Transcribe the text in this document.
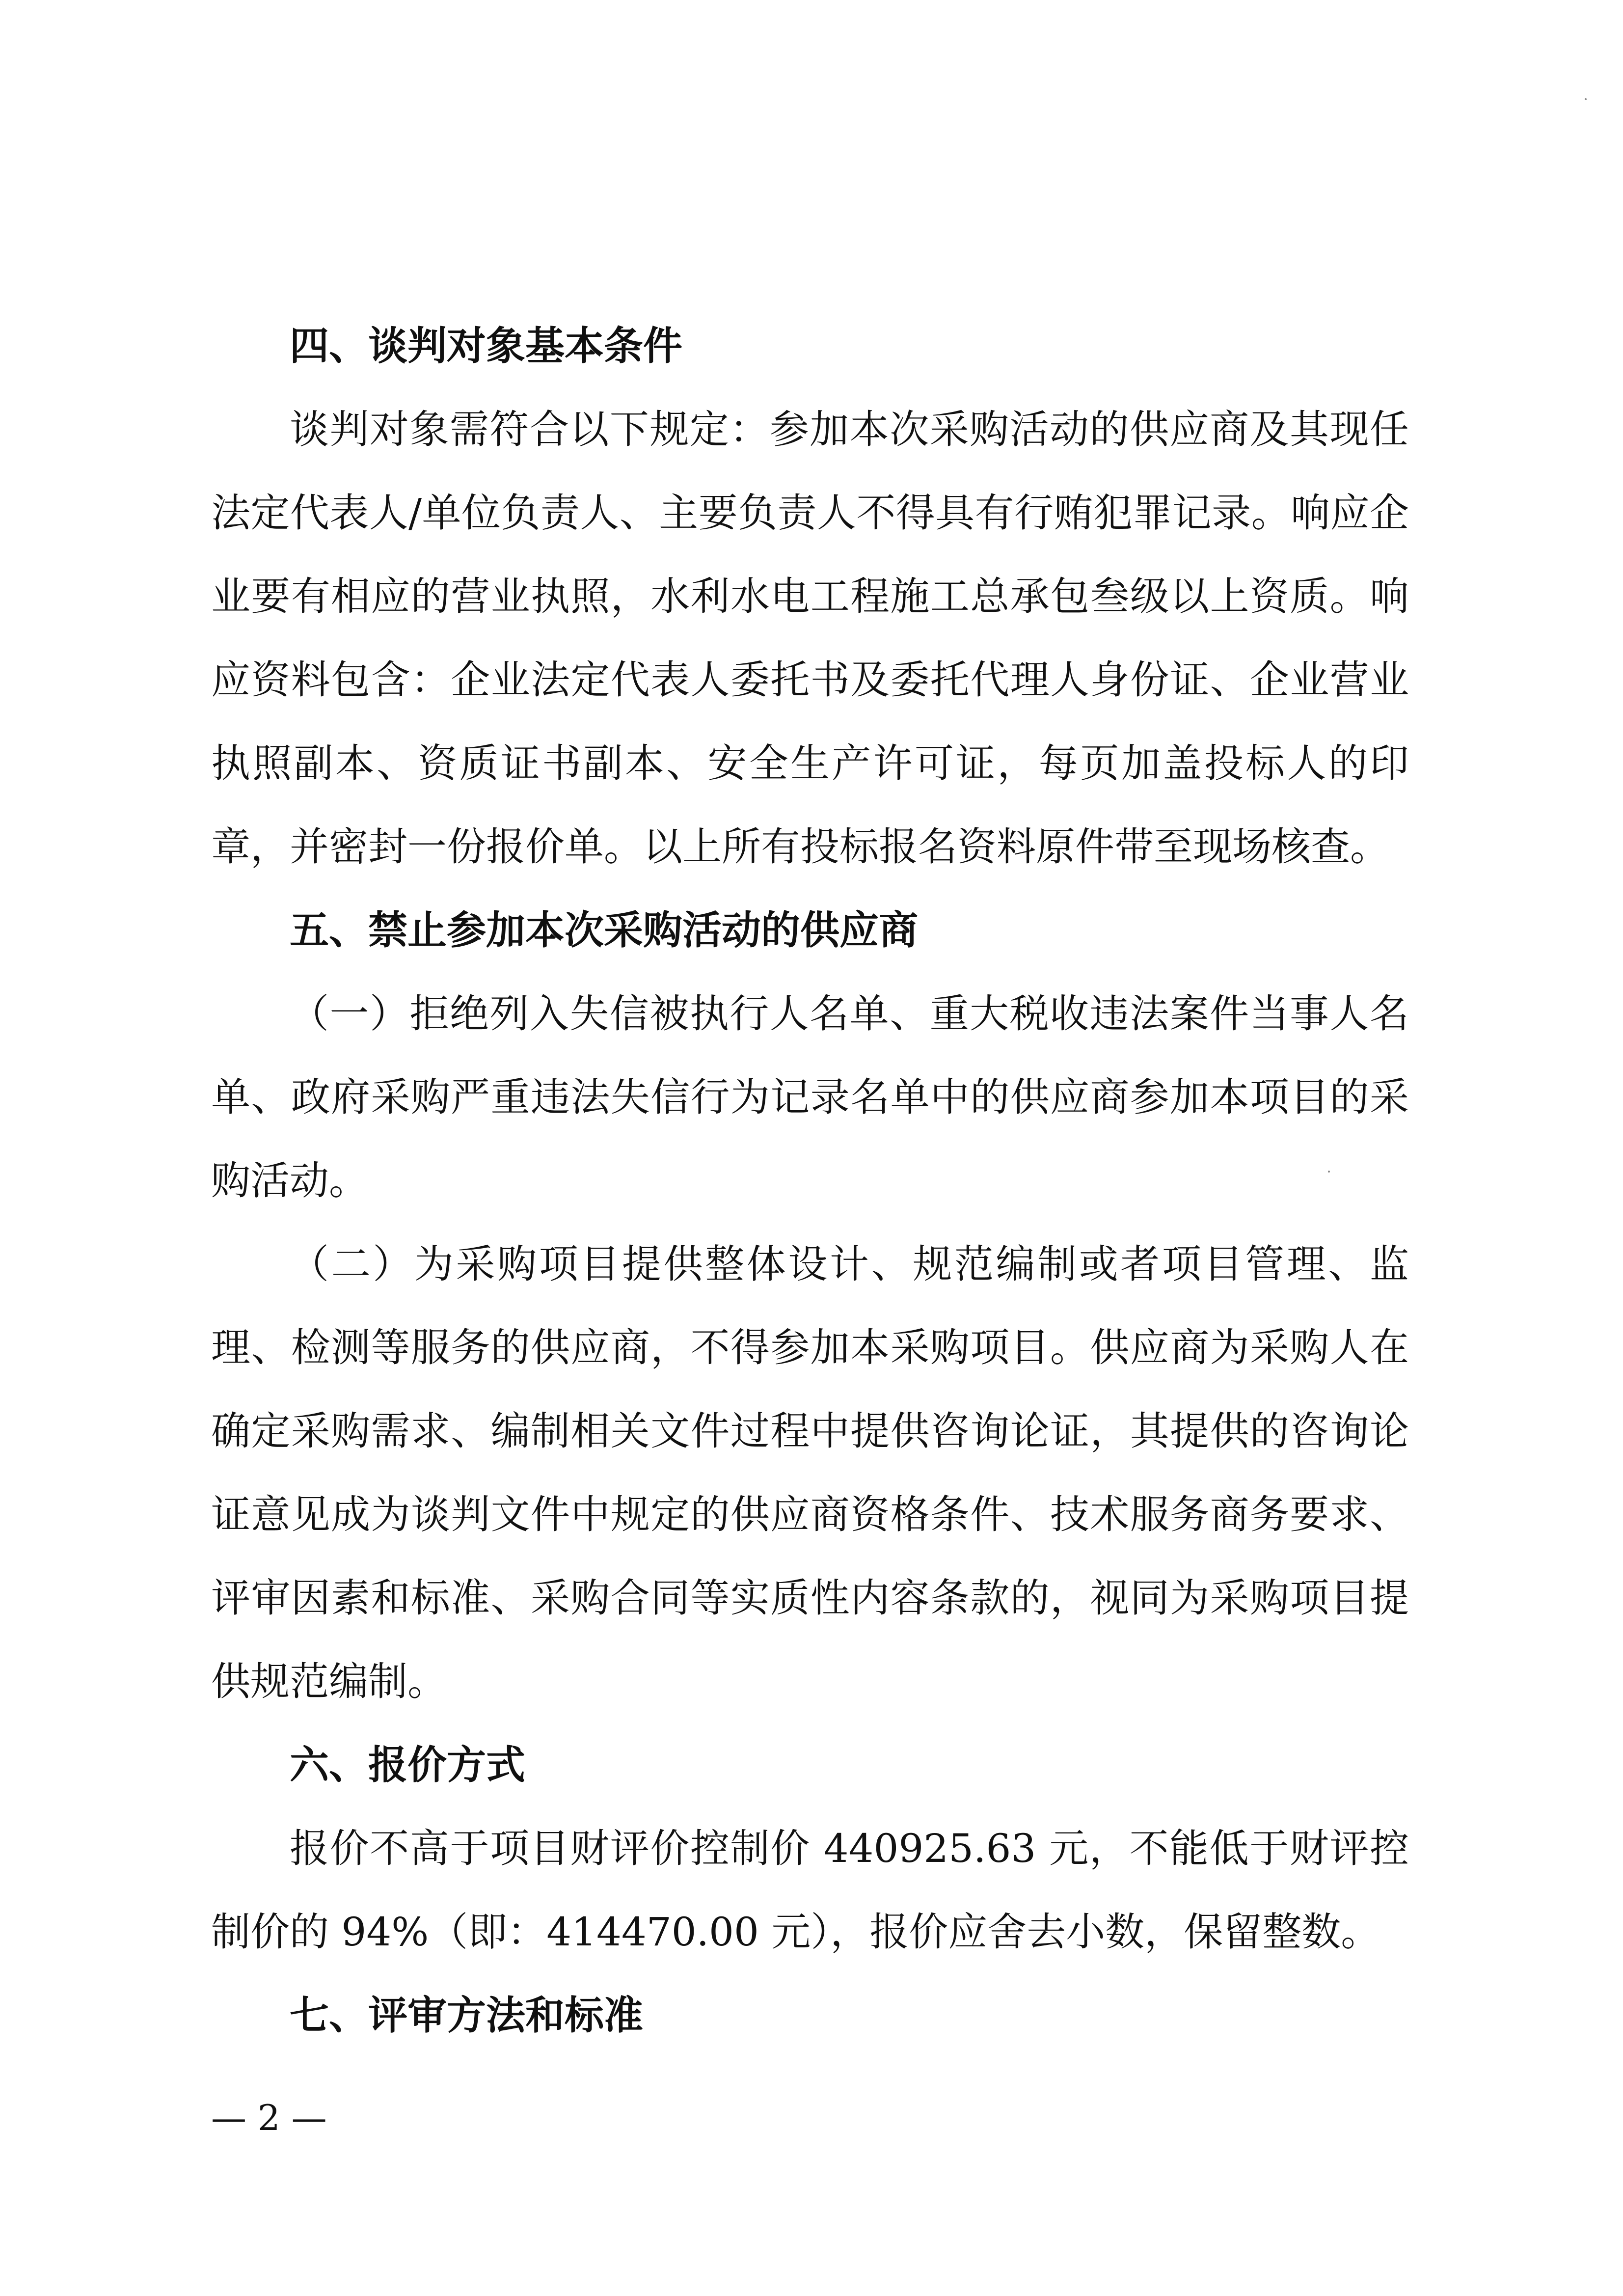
四、谈判对象基本条件
谈判对象需符合以下规定：参加本次采购活动的供应商及其现任法定代表人/单位负责人、主要负责人不得具有行贿犯罪记录。响应企业要有相应的营业执照，水利水电工程施工总承包叁级以上资质。响应资料包含：企业法定代表人委托书及委托代理人身份证、企业营业执照副本、资质证书副本、安全生产许可证，每页加盖投标人的印章，并密封一份报价单。以上所有投标报名资料原件带至现场核查。
五、禁止参加本次采购活动的供应商
（一）拒绝列入失信被执行人名单、重大税收违法案件当事人名单、政府采购严重违法失信行为记录名单中的供应商参加本项目的采购活动。
（二）为采购项目提供整体设计、规范编制或者项目管理、监理、检测等服务的供应商，不得参加本采购项目。供应商为采购人在确定采购需求、编制相关文件过程中提供咨询论证，其提供的咨询论证意见成为谈判文件中规定的供应商资格条件、技术服务商务要求、评审因素和标准、采购合同等实质性内容条款的，视同为采购项目提供规范编制。
六、报价方式
报价不高于项目财评价控制价 440925.63 元，不能低于财评控制价的 94%（即：414470.00 元），报价应舍去小数，保留整数。
七、评审方法和标准
— 2 —
